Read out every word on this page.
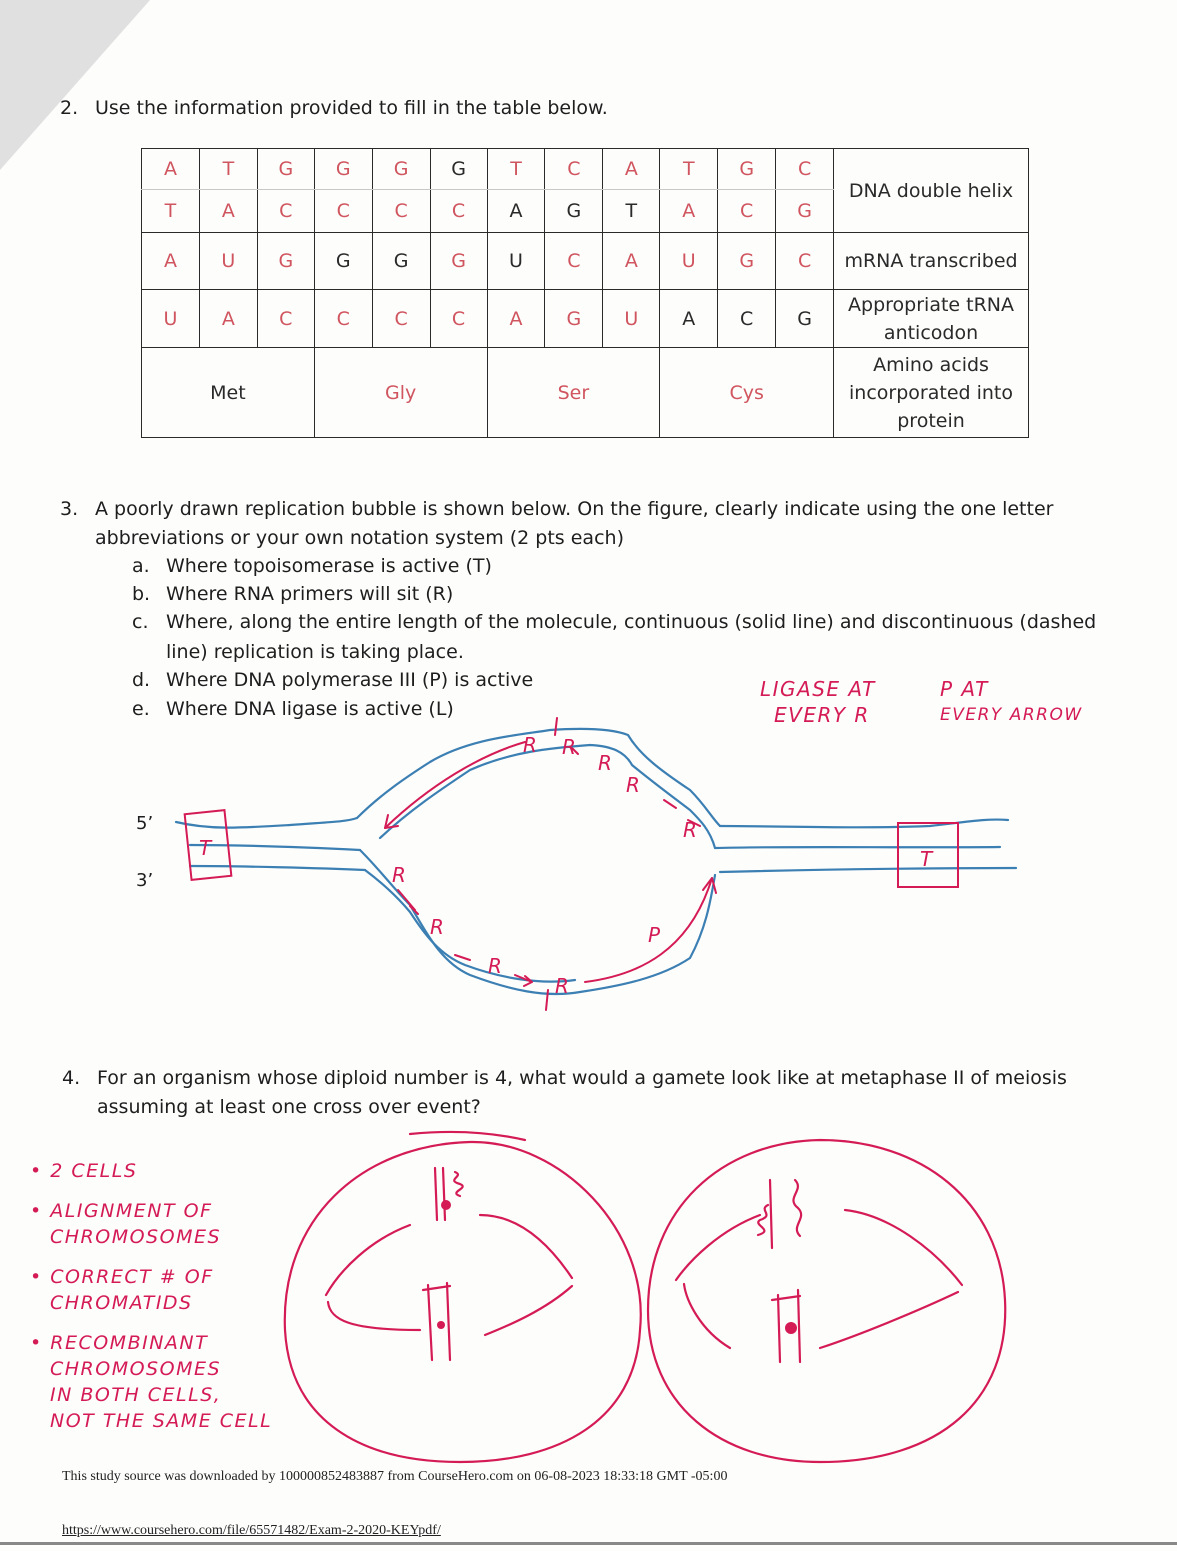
2. Use the information provided to fill in the table below.
A	T	G	G	G	G	T	C	A	T	G	C	DNA double helix
T	A	C	C	C	C	A	G	T	A	C	G	
A	U	G	G	G	G	U	C	A	U	G	C	mRNA transcribed
U	A	C	C	C	C	A	G	U	A	C	G	Appropriate tRNA anticodon
Met			Gly			Ser			Cys			Amino acids incorporated into protein
3. A poorly drawn replication bubble is shown below. On the figure, clearly indicate using the one letter
abbreviations or your own notation system (2 pts each)
a. Where topoisomerase is active (T)
b. Where RNA primers will sit (R)
c. Where, along the entire length of the molecule, continuous (solid line) and discontinuous (dashed
line) replication is taking place.
d. Where DNA polymerase III (P) is active
e. Where DNA ligase is active (L)
T	T
R R
R
R
R
R
R
R
R
P
5’
3’
LIGASE AT
EVERY R
P AT
EVERY ARROW
4. For an organism whose diploid number is 4, what would a gamete look like at metaphase II of meiosis
assuming at least one cross over event?
• 2 CELLS
• ALIGNMENT OF
CHROMOSOMES
• CORRECT # OF
CHROMATIDS
• RECOMBINANT
CHROMOSOMES
IN BOTH CELLS,
NOT THE SAME CELL
This study source was downloaded by 100000852483887 from CourseHero.com on 06-08-2023 18:33:18 GMT -05:00
https://www.coursehero.com/file/65571482/Exam-2-2020-KEYpdf/
